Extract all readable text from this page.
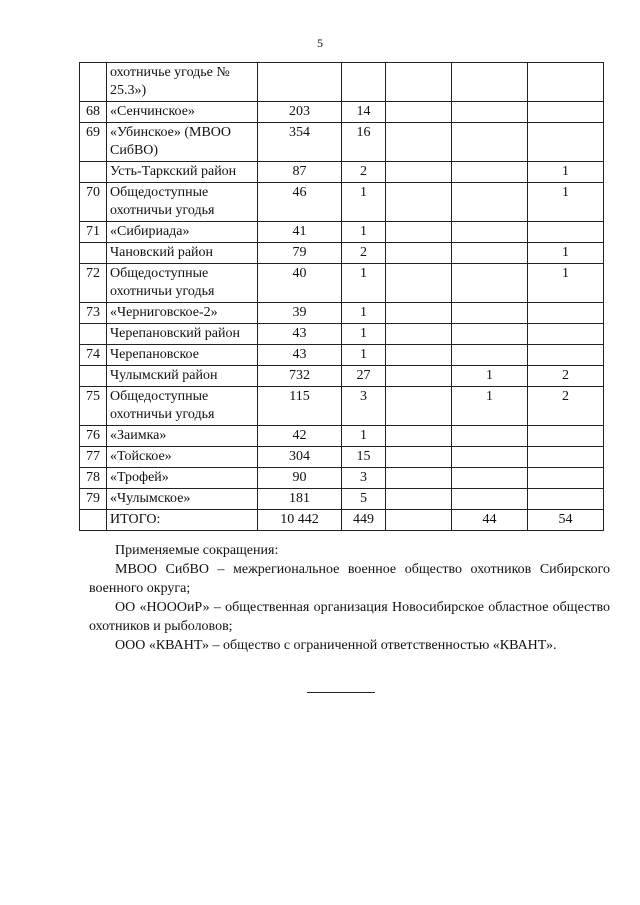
5
	охотничье угодье № 25.3»)					
68	«Сенчинское»	203	14			
69	«Убинское» (МВОО СибВО)	354	16			
	Усть-Таркский район	87	2			1
70	Общедоступные охотничьи угодья	46	1			1
71	«Сибириада»	41	1			
	Чановский район	79	2			1
72	Общедоступные охотничьи угодья	40	1			1
73	«Черниговское-2»	39	1			
	Черепановский район	43	1			
74	Черепановское	43	1			
	Чулымский район	732	27		1	2
75	Общедоступные охотничьи угодья	115	3		1	2
76	«Заимка»	42	1			
77	«Тойское»	304	15			
78	«Трофей»	90	3			
79	«Чулымское»	181	5			
	ИТОГО:	10 442	449		44	54

Применяемые сокращения:

МВОО СибВО – межрегиональное военное общество охотников Сибирского военного округа;

ОО «НОООиР» – общественная организация Новосибирское областное общество охотников и рыболовов;

ООО «КВАНТ» – общество с ограниченной ответственностью «КВАНТ».
